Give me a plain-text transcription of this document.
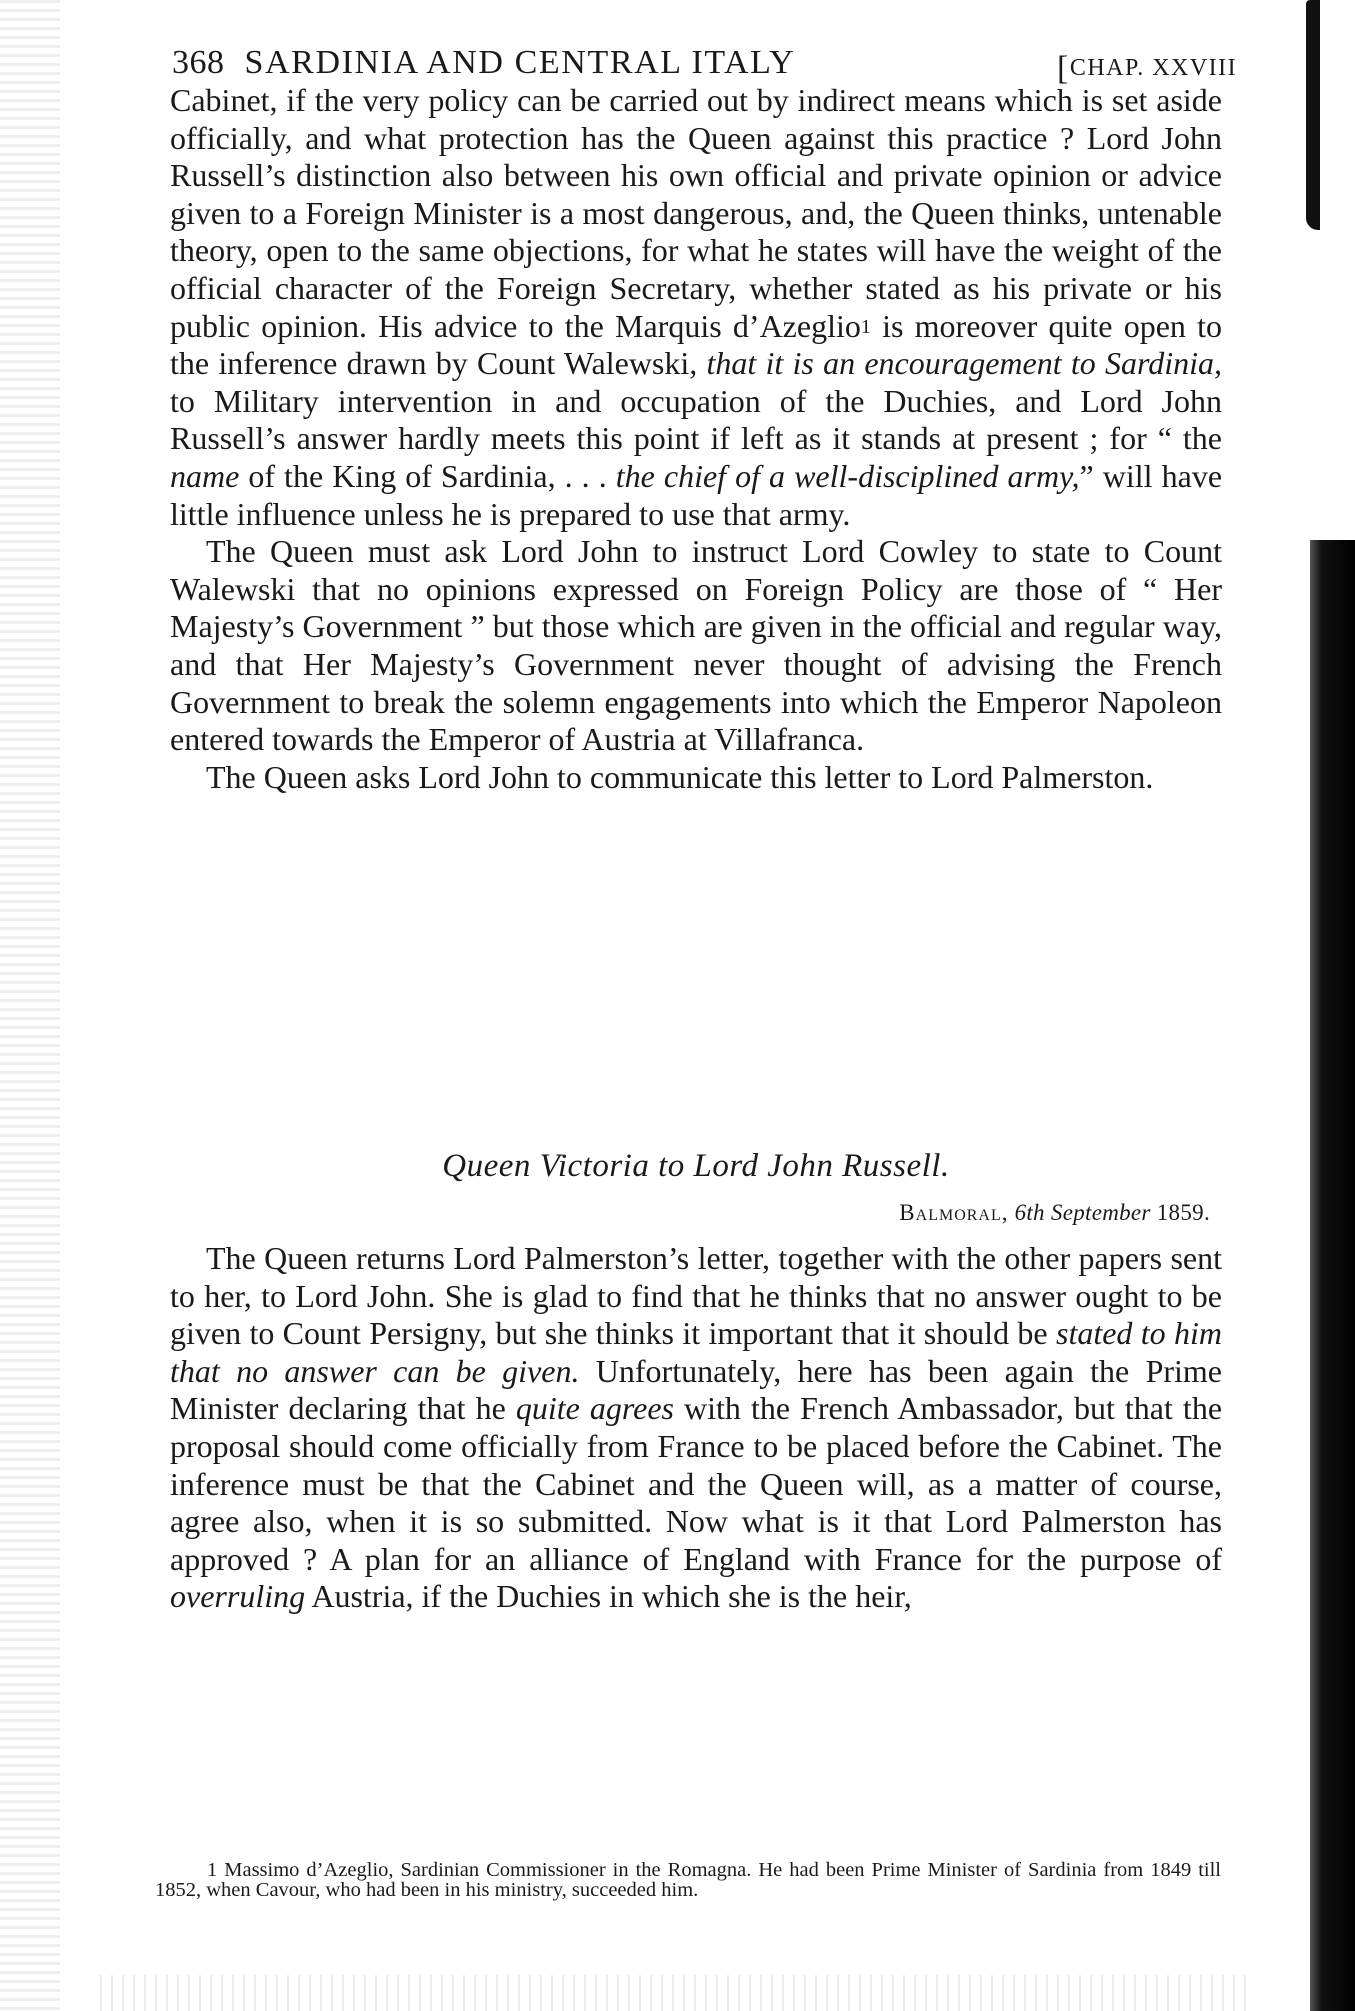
368 SARDINIA AND CENTRAL ITALY	[CHAP. XXVIII

Cabinet, if the very policy can be carried out by indirect means which is set aside officially, and what protection has the Queen against this practice ? Lord John Russell’s distinction also between his own official and private opinion or advice given to a Foreign Minister is a most dangerous, and, the Queen thinks, untenable theory, open to the same objections, for what he states will have the weight of the official character of the Foreign Secretary, whether stated as his private or his public opinion. His advice to the Marquis d’Azeglio$^1$ is moreover quite open to the inference drawn by Count Walewski, that it is an encouragement to Sardinia, to Military intervention in and occupation of the Duchies, and Lord John Russell’s answer hardly meets this point if left as it stands at present ; for “ the name of the King of Sardinia, . . . the chief of a well-disciplined army,” will have little influence unless he is prepared to use that army.

The Queen must ask Lord John to instruct Lord Cowley to state to Count Walewski that no opinions expressed on Foreign Policy are those of “ Her Majesty’s Government ” but those which are given in the official and regular way, and that Her Majesty’s Government never thought of advising the French Government to break the solemn engagements into which the Emperor Napoleon entered towards the Emperor of Austria at Villafranca.

The Queen asks Lord John to communicate this letter to Lord Palmerston.

Queen Victoria to Lord John Russell.
Balmoral, 6th September 1859.

The Queen returns Lord Palmerston’s letter, together with the other papers sent to her, to Lord John. She is glad to find that he thinks that no answer ought to be given to Count Persigny, but she thinks it important that it should be stated to him that no answer can be given. Unfortunately, here has been again the Prime Minister declaring that he quite agrees with the French Ambassador, but that the proposal should come officially from France to be placed before the Cabinet. The inference must be that the Cabinet and the Queen will, as a matter of course, agree also, when it is so submitted. Now what is it that Lord Palmerston has approved ? A plan for an alliance of England with France for the purpose of overruling Austria, if the Duchies in which she is the heir,

1 Massimo d’Azeglio, Sardinian Commissioner in the Romagna. He had been Prime Minister of Sardinia from 1849 till 1852, when Cavour, who had been in his ministry, succeeded him.
